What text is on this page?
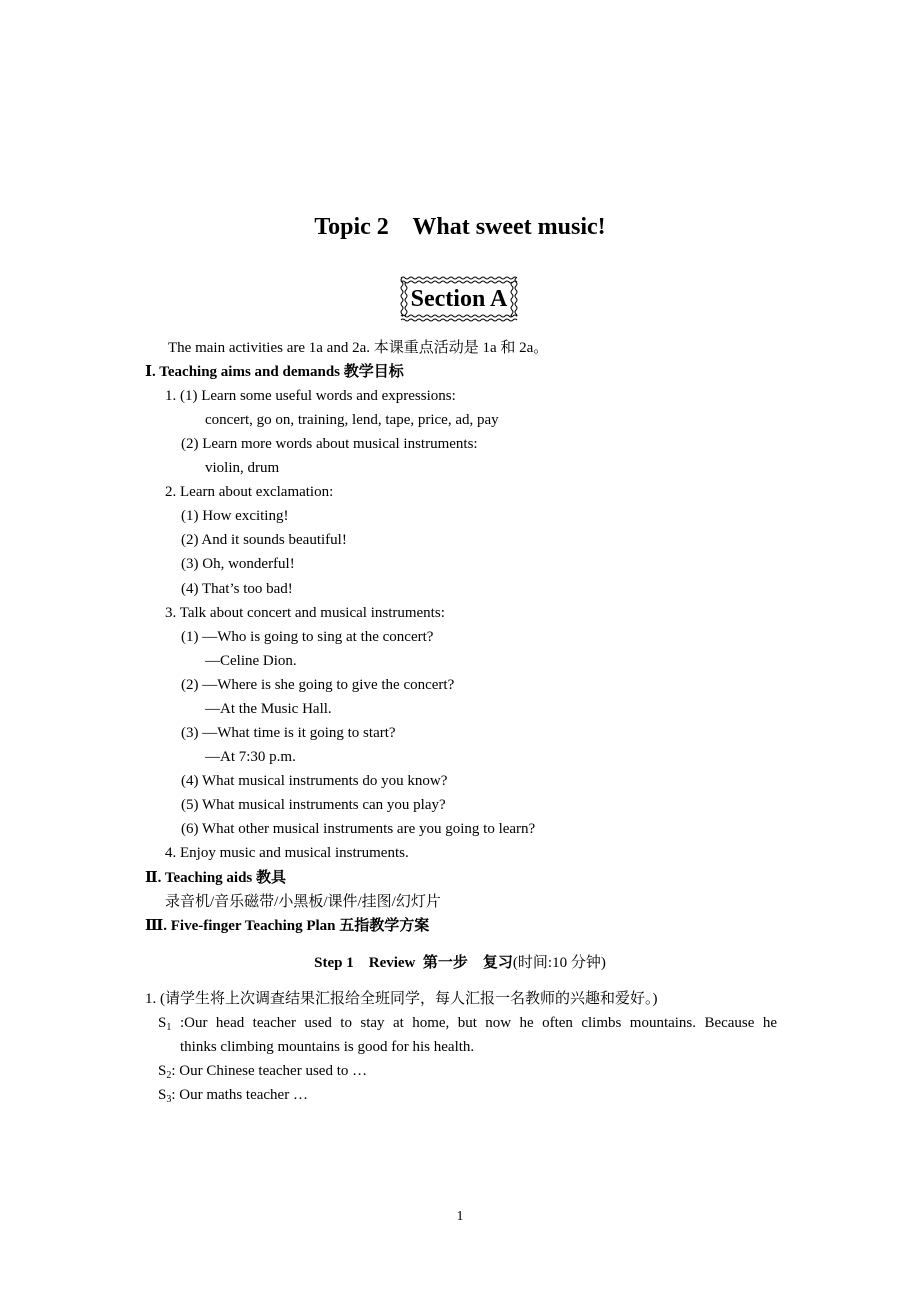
Topic 2    What sweet music!
Section A
The main activities are 1a and 2a. 本课重点活动是 1a 和 2a。
Ⅰ. Teaching aims and demands 教学目标
1. (1) Learn some useful words and expressions:
concert, go on, training, lend, tape, price, ad, pay
(2) Learn more words about musical instruments:
violin, drum
2. Learn about exclamation:
(1) How exciting!
(2) And it sounds beautiful!
(3) Oh, wonderful!
(4) That’s too bad!
3. Talk about concert and musical instruments:
(1) —Who is going to sing at the concert?
—Celine Dion.
(2) —Where is she going to give the concert?
—At the Music Hall.
(3) —What time is it going to start?
—At 7:30 p.m.
(4) What musical instruments do you know?
(5) What musical instruments can you play?
(6) What other musical instruments are you going to learn?
4. Enjoy music and musical instruments.
Ⅱ. Teaching aids 教具
录音机/音乐磁带/小黑板/课件/挂图/幻灯片
Ⅲ. Five-finger Teaching Plan 五指教学方案
Step 1    Review  第一步    复习(时间:10 分钟)
1. (请学生将上次调查结果汇报给全班同学，每人汇报一名教师的兴趣和爱好。)
$S_1$ :Our head teacher used to stay at home, but now he often climbs mountains. Because he
thinks climbing mountains is good for his health.
$S_2$: Our Chinese teacher used to …
$S_3$: Our maths teacher …
1
